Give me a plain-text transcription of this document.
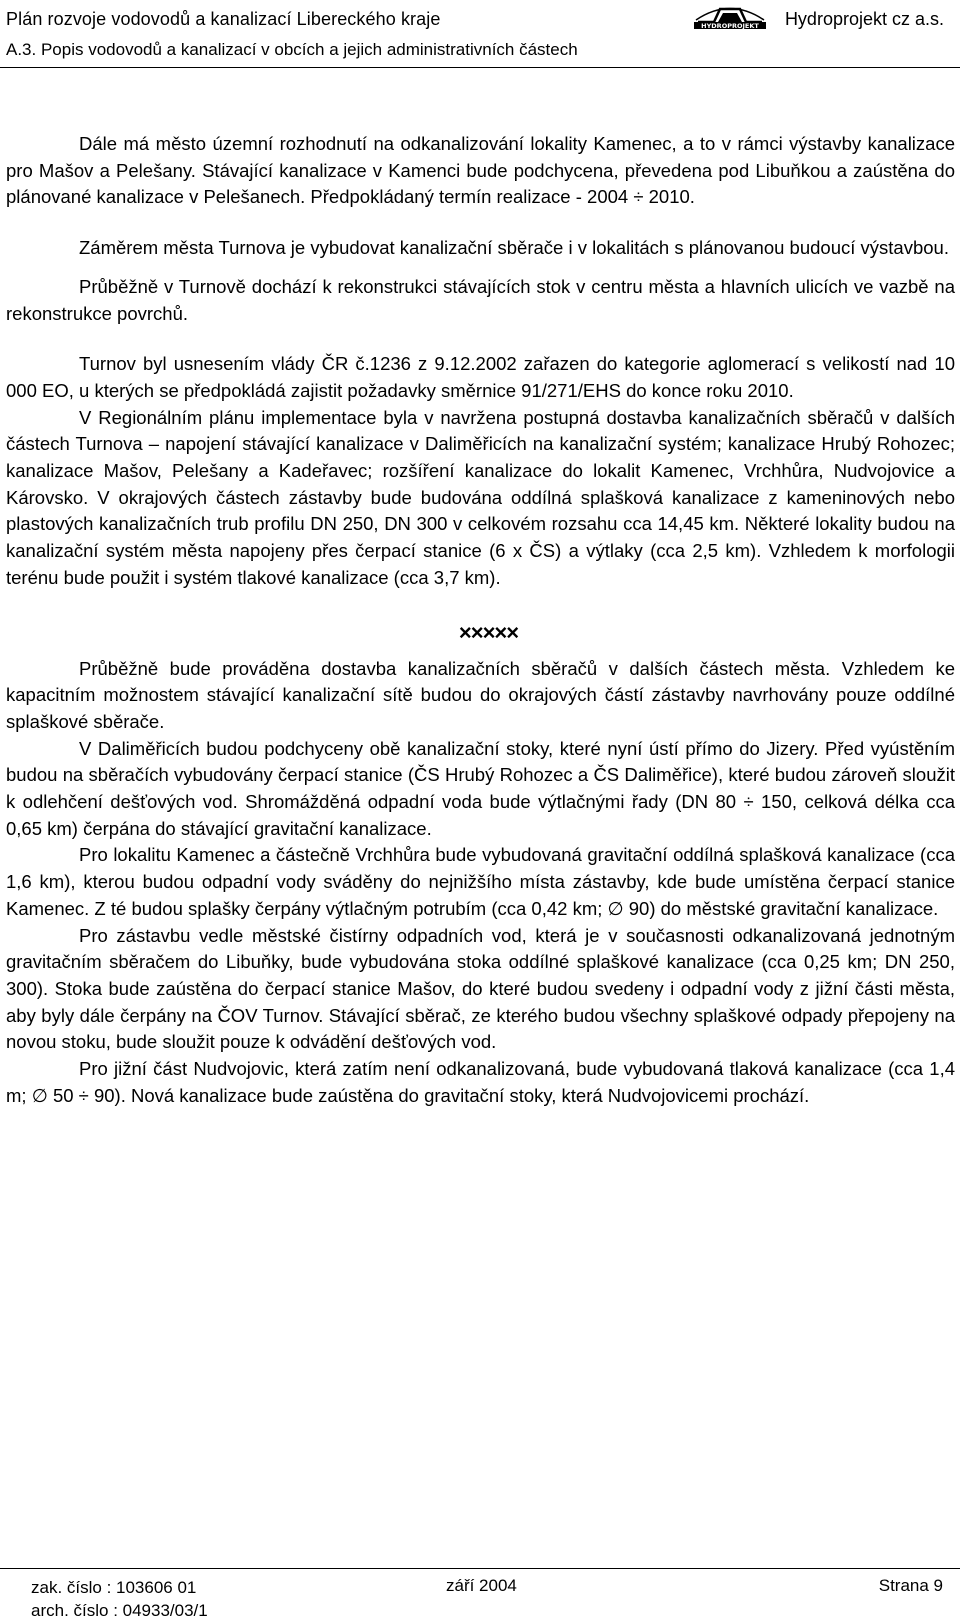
Plán rozvoje vodovodů a kanalizací Libereckého kraje
A.3. Popis vodovodů a kanalizací v obcích a jejich administrativních částech
HYDROPROJEKT Hydroprojekt cz a.s.

Dále má město územní rozhodnutí na odkanalizování lokality Kamenec, a to v rámci výstavby kanalizace pro Mašov a Pelešany. Stávající kanalizace v Kamenci bude podchycena, převedena pod Libuňkou a zaústěna do plánované kanalizace v Pelešanech. Předpokládaný termín realizace - 2004 ÷ 2010.

Záměrem města Turnova je vybudovat kanalizační sběrače i v lokalitách s plánovanou budoucí výstavbou.

Průběžně v Turnově dochází k rekonstrukci stávajících stok v centru města a hlavních ulicích ve vazbě na rekonstrukce povrchů.

Turnov byl usnesením vlády ČR č.1236 z 9.12.2002 zařazen do kategorie aglomerací s velikostí nad 10 000 EO, u kterých se předpokládá zajistit požadavky směrnice 91/271/EHS do konce roku 2010.

V Regionálním plánu implementace byla v navržena postupná dostavba kanalizačních sběračů v dalších částech Turnova – napojení stávající kanalizace v Daliměřicích na kanalizační systém; kanalizace Hrubý Rohozec; kanalizace Mašov, Pelešany a Kadeřavec; rozšíření kanalizace do lokalit Kamenec, Vrchhůra, Nudvojovice a Károvsko. V okrajových částech zástavby bude budována oddílná splašková kanalizace z kameninových nebo plastových kanalizačních trub profilu DN 250, DN 300 v celkovém rozsahu cca 14,45 km. Některé lokality budou na kanalizační systém města napojeny přes čerpací stanice (6 x ČS) a výtlaky (cca 2,5 km). Vzhledem k morfologii terénu bude použit i systém tlakové kanalizace (cca 3,7 km).

×××××

Průběžně bude prováděna dostavba kanalizačních sběračů v dalších částech města. Vzhledem ke kapacitním možnostem stávající kanalizační sítě budou do okrajových částí zástavby navrhovány pouze oddílné splaškové sběrače.

V Daliměřicích budou podchyceny obě kanalizační stoky, které nyní ústí přímo do Jizery. Před vyústěním budou na sběračích vybudovány čerpací stanice (ČS Hrubý Rohozec a ČS Daliměřice), které budou zároveň sloužit k odlehčení dešťových vod. Shromážděná odpadní voda bude výtlačnými řady (DN 80 ÷ 150, celková délka cca 0,65 km) čerpána do stávající gravitační kanalizace.

Pro lokalitu Kamenec a částečně Vrchhůra bude vybudovaná gravitační oddílná splašková kanalizace (cca 1,6 km), kterou budou odpadní vody sváděny do nejnižšího místa zástavby, kde bude umístěna čerpací stanice Kamenec. Z té budou splašky čerpány výtlačným potrubím (cca 0,42 km; ∅ 90) do městské gravitační kanalizace.

Pro zástavbu vedle městské čistírny odpadních vod, která je v současnosti odkanalizovaná jednotným gravitačním sběračem do Libuňky, bude vybudována stoka oddílné splaškové kanalizace (cca 0,25 km; DN 250, 300). Stoka bude zaústěna do čerpací stanice Mašov, do které budou svedeny i odpadní vody z jižní části města, aby byly dále čerpány na ČOV Turnov. Stávající sběrač, ze kterého budou všechny splaškové odpady přepojeny na novou stoku, bude sloužit pouze k odvádění dešťových vod.

Pro jižní část Nudvojovic, která zatím není odkanalizovaná, bude vybudovaná tlaková kanalizace (cca 1,4 m; ∅ 50 ÷ 90). Nová kanalizace bude zaústěna do gravitační stoky, která Nudvojovicemi prochází.

zak. číslo : 103606 01
arch. číslo : 04933/03/1
září 2004	Strana 9
